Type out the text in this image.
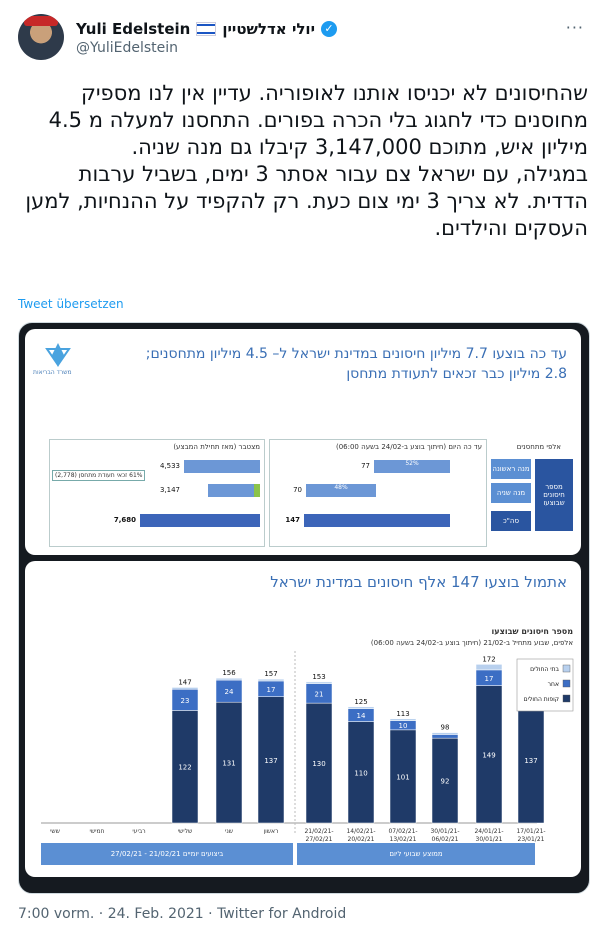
Yuli Edelstein יולי אדלשטיין ✓
@YuliEdelstein
···

שהחיסונים לא יכניסו אותנו לאופוריה. עדיין אין לנו מספיק מחוסנים כדי לחגוג בלי הכרה בפורים. התחסנו למעלה מ 4.5 מיליון איש, מתוכם 3,147,000 קיבלו גם מנה שניה.

במגילה, עם ישראל צם עבור אסתר 3 ימים, בשביל ערבות הדדית. לא צריך 3 ימי צום כעת. רק להקפיד על ההנחיות, למען העסקים והילדים.

Tweet übersetzen
עד כה בוצעו 7.7 מיליון חיסונים במדינת ישראל ל– 4.5 מיליון מתחסנים;
2.8 מיליון כבר זכאים לתעודת מתחסן
משרד הבריאות
מצטבר (מאז תחילת המבצע)
4,533
3,147
61% זכאי תעודת מתחסן (2,778)
7,680
עד כה היום (חיתוך בוצע ב-24/02 בשעה 06:00)
52%
77
48%
70
147
אלפי מתחסנים
מנה ראשונה
מנה שניה
סה"כ
מספר חיסונים שבוצעו
אתמול בוצעו 147 אלף חיסונים במדינת ישראל
מספר חיסונים שבוצעו
אלפים, שבוע מתחיל ב-21/02 (חיתוך בוצע ב-24/02 בשעה 06:00)
ששי	חמישי	רביעי
122
23
147
שלישי
131
24
156
שני
137
17
157
ראשון
130
21
153
21/02/21-
27/02/21
110
14
125
14/02/21-
20/02/21
101
10
113
07/02/21-
13/02/21
92
98
30/01/21-
06/02/21
149
17
172
24/01/21-
30/01/21
137
17/01/21-
23/01/21
בתי החולים
אחר
קופות החולים
ביצועים יומיים 21/02/21 - 27/02/21	ממוצע שבועי ליום
7:00 vorm. · 24. Feb. 2021 · Twitter for Android
